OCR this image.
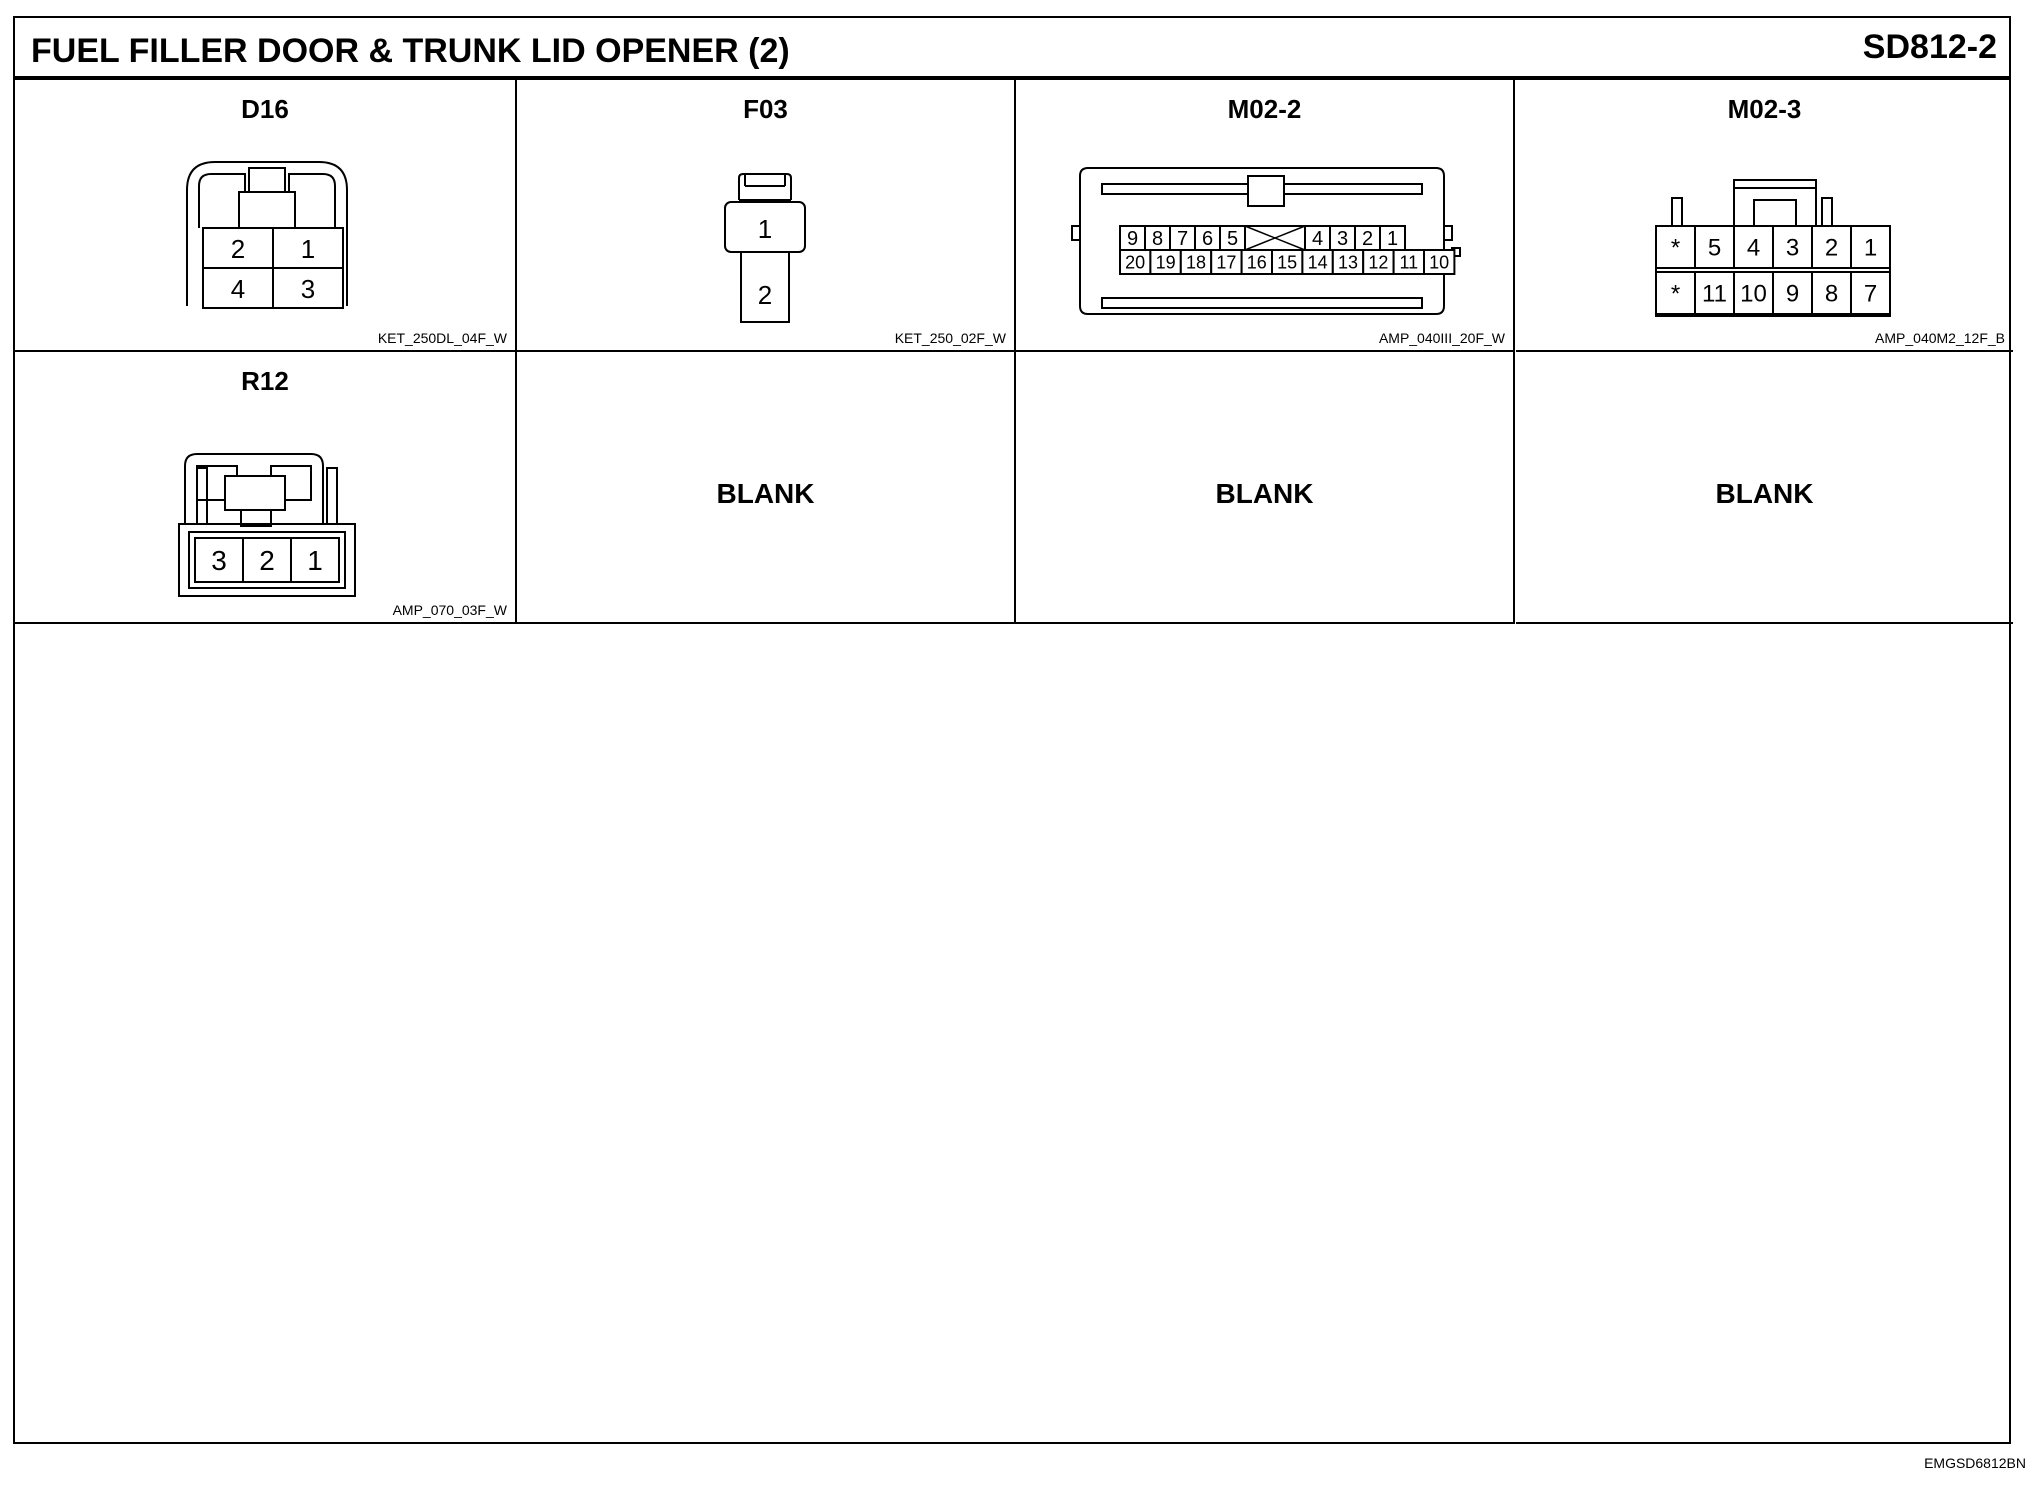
FUEL FILLER DOOR & TRUNK LID OPENER (2)	SD812-2
D16
2 1
4 3
KET_250DL_04F_W
F03
1
2
KET_250_02F_W
M02-2
9 8 7 6 5	4 3 2 1
20 19 18 17 16 15 14 13 12 11 10
AMP_040III_20F_W
M02-3
* 5 4 3 2 1
* 11 10 9 8 7
AMP_040M2_12F_B
R12
3 2 1
AMP_070_03F_W
BLANK	BLANK	BLANK
EMGSD6812BN
